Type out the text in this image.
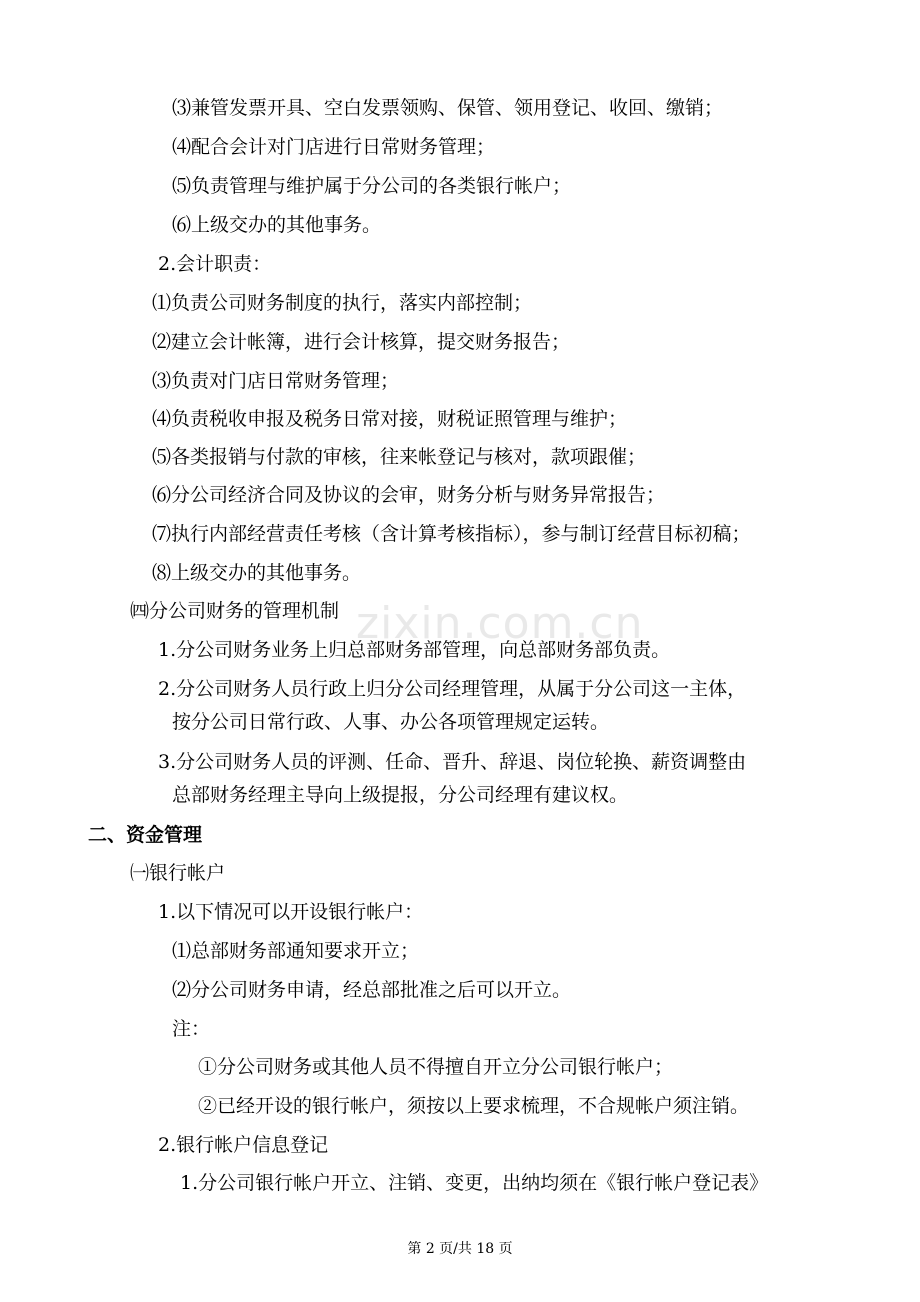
zixin.com.cn
⑶兼管发票开具、空白发票领购、保管、领用登记、收回、缴销；
⑷配合会计对门店进行日常财务管理；
⑸负责管理与维护属于分公司的各类银行帐户；
⑹上级交办的其他事务。
2.会计职责：
⑴负责公司财务制度的执行，落实内部控制；
⑵建立会计帐簿，进行会计核算，提交财务报告；
⑶负责对门店日常财务管理；
⑷负责税收申报及税务日常对接，财税证照管理与维护；
⑸各类报销与付款的审核，往来帐登记与核对，款项跟催；
⑹分公司经济合同及协议的会审，财务分析与财务异常报告；
⑺执行内部经营责任考核（含计算考核指标），参与制订经营目标初稿；
⑻上级交办的其他事务。
㈣分公司财务的管理机制
1.分公司财务业务上归总部财务部管理，向总部财务部负责。
2.分公司财务人员行政上归分公司经理管理，从属于分公司这一主体，
按分公司日常行政、人事、办公各项管理规定运转。
3.分公司财务人员的评测、任命、晋升、辞退、岗位轮换、薪资调整由
总部财务经理主导向上级提报，分公司经理有建议权。
二、资金管理
㈠银行帐户
1.以下情况可以开设银行帐户：
⑴总部财务部通知要求开立；
⑵分公司财务申请，经总部批准之后可以开立。
注：
①分公司财务或其他人员不得擅自开立分公司银行帐户；
②已经开设的银行帐户，须按以上要求梳理，不合规帐户须注销。
2.银行帐户信息登记
1.分公司银行帐户开立、注销、变更，出纳均须在《银行帐户登记表》
第 2 页/共 18 页
